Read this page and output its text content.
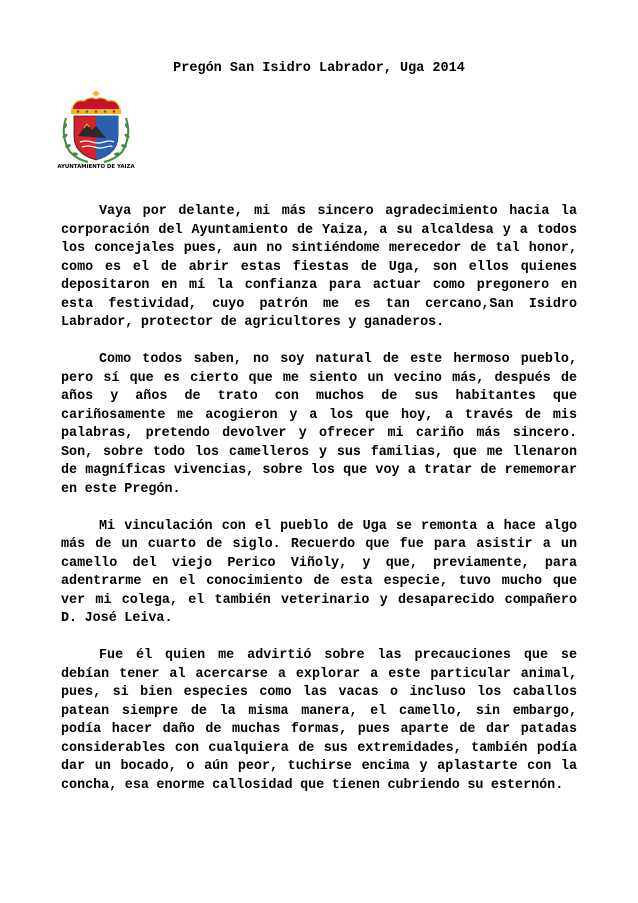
Pregón San Isidro Labrador, Uga 2014
AYUNTAMIENTO DE YAIZA

Vaya por delante, mi más sincero agradecimiento hacia la corporación del Ayuntamiento de Yaiza, a su alcaldesa y a todos los concejales pues, aun no sintiéndome merecedor de tal honor, como es el de abrir estas fiestas de Uga, son ellos quienes depositaron en mí la confianza para actuar como pregonero en esta festividad, cuyo patrón me es tan cercano,San Isidro Labrador, protector de agricultores y ganaderos.

Como todos saben, no soy natural de este hermoso pueblo, pero sí que es cierto que me siento un vecino más, después de años y años de trato con muchos de sus habitantes que cariñosamente me acogieron y a los que hoy, a través de mis palabras, pretendo devolver y ofrecer mi cariño más sincero. Son, sobre todo los camelleros y sus familias, que me llenaron de magníficas vivencias, sobre los que voy a tratar de rememorar en este Pregón.

Mi vinculación con el pueblo de Uga se remonta a hace algo más de un cuarto de siglo. Recuerdo que fue para asistir a un camello del viejo Perico Viñoly, y que, previamente, para adentrarme en el conocimiento de esta especie, tuvo mucho que ver mi colega, el también veterinario y desaparecido compañero D. José Leiva.

Fue él quien me advirtió sobre las precauciones que se debían tener al acercarse a explorar a este particular animal, pues, si bien especies como las vacas o incluso los caballos patean siempre de la misma manera, el camello, sin embargo, podía hacer daño de muchas formas, pues aparte de dar patadas considerables con cualquiera de sus extremidades, también podía dar un bocado, o aún peor, tuchirse encima y aplastarte con la concha, esa enorme callosidad que tienen cubriendo su esternón.
